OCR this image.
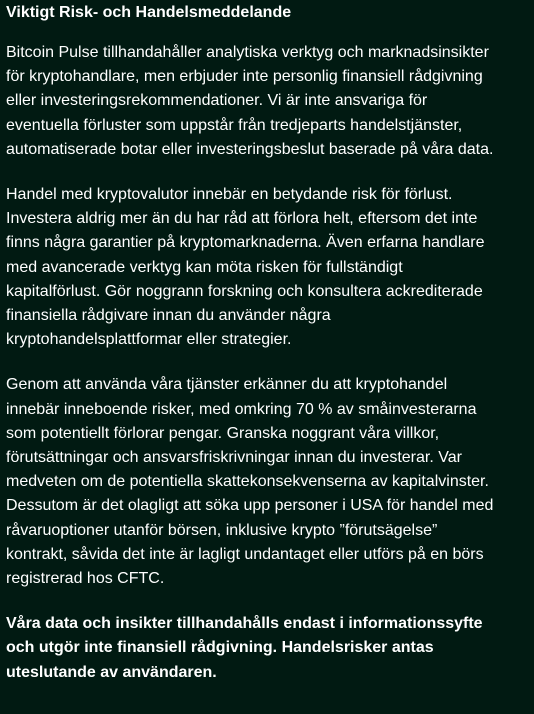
Viktigt Risk- och Handelsmeddelande

Bitcoin Pulse tillhandahåller analytiska verktyg och marknadsinsikter
för kryptohandlare, men erbjuder inte personlig finansiell rådgivning
eller investeringsrekommendationer. Vi är inte ansvariga för
eventuella förluster som uppstår från tredjeparts handelstjänster,
automatiserade botar eller investeringsbeslut baserade på våra data.

Handel med kryptovalutor innebär en betydande risk för förlust.
Investera aldrig mer än du har råd att förlora helt, eftersom det inte
finns några garantier på kryptomarknaderna. Även erfarna handlare
med avancerade verktyg kan möta risken för fullständigt
kapitalförlust. Gör noggrann forskning och konsultera ackrediterade
finansiella rådgivare innan du använder några
kryptohandelsplattformar eller strategier.

Genom att använda våra tjänster erkänner du att kryptohandel
innebär inneboende risker, med omkring 70 % av småinvesterarna
som potentiellt förlorar pengar. Granska noggrant våra villkor,
förutsättningar och ansvarsfriskrivningar innan du investerar. Var
medveten om de potentiella skattekonsekvenserna av kapitalvinster.
Dessutom är det olagligt att söka upp personer i USA för handel med
råvaruoptioner utanför börsen, inklusive krypto ”förutsägelse”
kontrakt, såvida det inte är lagligt undantaget eller utförs på en börs
registrerad hos CFTC.

Våra data och insikter tillhandahålls endast i informationssyfte
och utgör inte finansiell rådgivning. Handelsrisker antas
uteslutande av användaren.
